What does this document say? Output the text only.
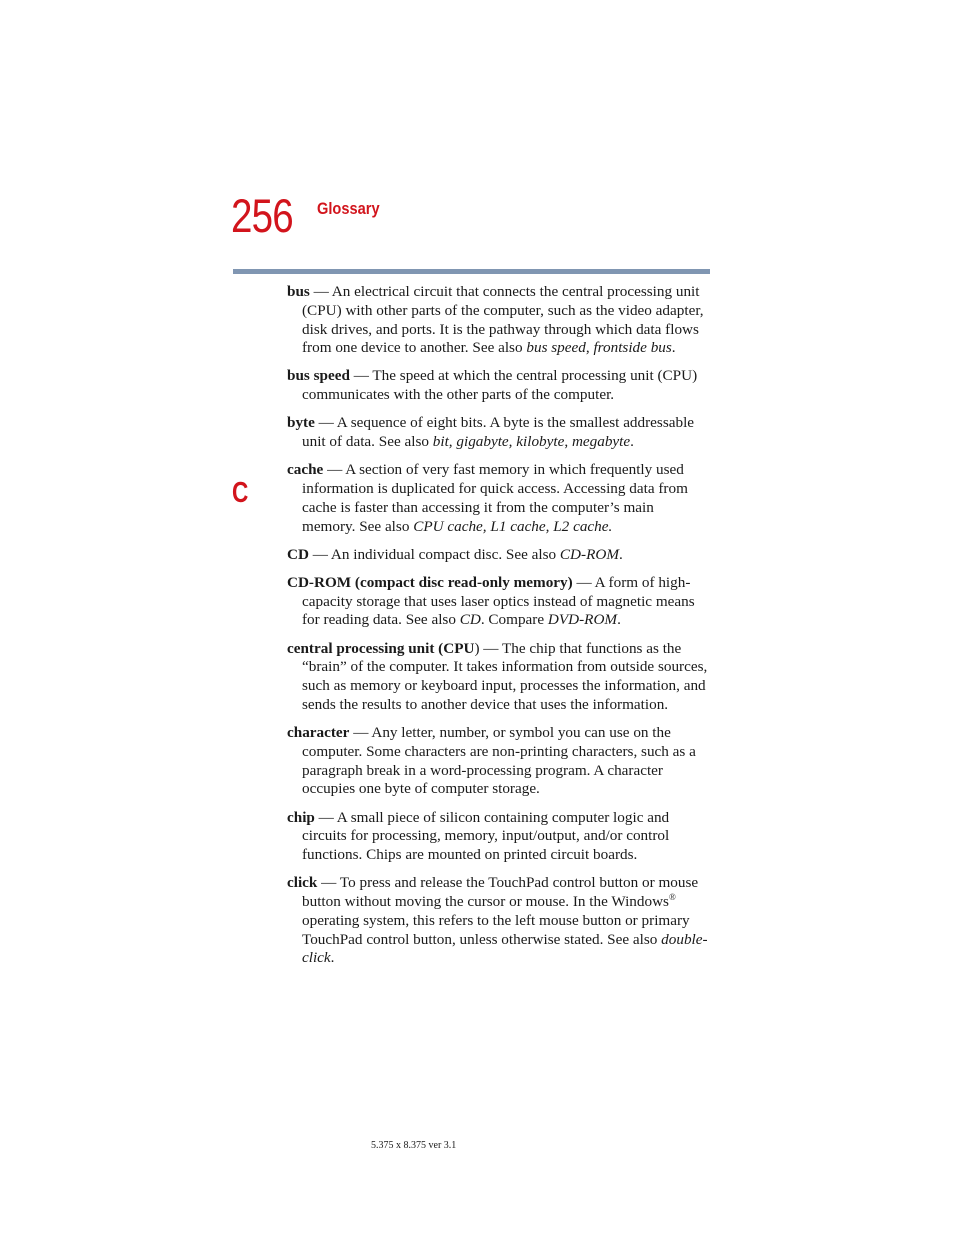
256 Glossary
C

bus — An electrical circuit that connects the central processing unit (CPU) with other parts of the computer, such as the video adapter, disk drives, and ports. It is the pathway through which data flows from one device to another. See also bus speed, frontside bus.

bus speed — The speed at which the central processing unit (CPU) communicates with the other parts of the computer.

byte — A sequence of eight bits. A byte is the smallest addressable unit of data. See also bit, gigabyte, kilobyte, megabyte.

cache — A section of very fast memory in which frequently used information is duplicated for quick access. Accessing data from cache is faster than accessing it from the computer’s main memory. See also CPU cache, L1 cache, L2 cache.

CD — An individual compact disc. See also CD-ROM.

CD-ROM (compact disc read-only memory) — A form of high-capacity storage that uses laser optics instead of magnetic means for reading data. See also CD. Compare DVD-ROM.

central processing unit (CPU) — The chip that functions as the “brain” of the computer. It takes information from outside sources, such as memory or keyboard input, processes the information, and sends the results to another device that uses the information.

character — Any letter, number, or symbol you can use on the computer. Some characters are non-printing characters, such as a paragraph break in a word-processing program. A character occupies one byte of computer storage.

chip — A small piece of silicon containing computer logic and circuits for processing, memory, input/output, and/or control functions. Chips are mounted on printed circuit boards.

click — To press and release the TouchPad control button or mouse button without moving the cursor or mouse. In the Windows® operating system, this refers to the left mouse button or primary TouchPad control button, unless otherwise stated. See also double-click.

5.375 x 8.375 ver 3.1
